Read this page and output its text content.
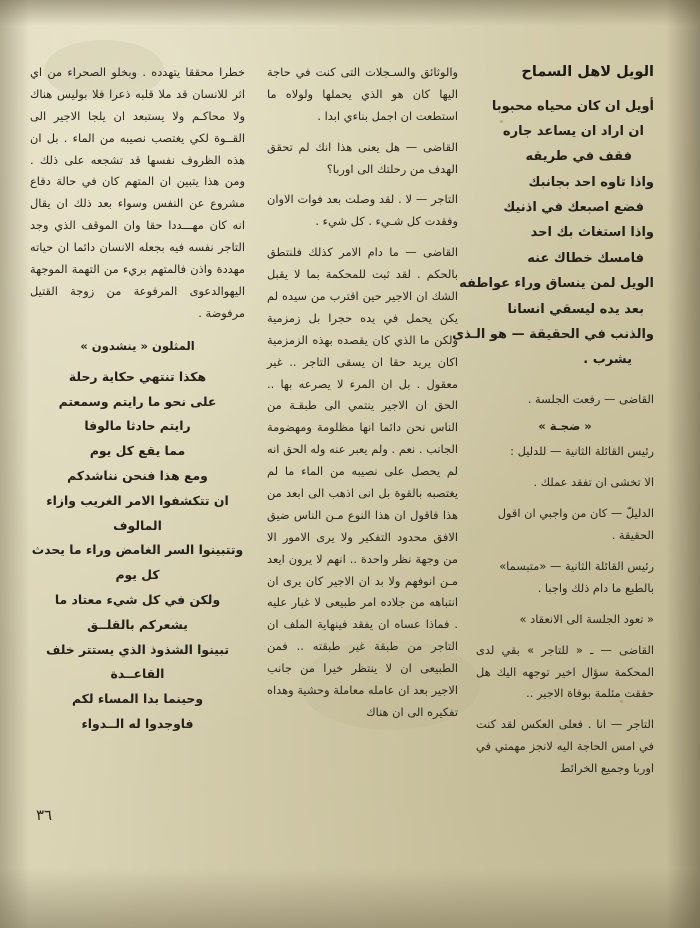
الويل لاهل السماح
أويل ان كان محياه محبوبا
ان اراد ان يساعد جاره
فقف في طريقه
واذا تاوه احد بجانبك
فضع اصبعك في اذنيك
واذا استغاث بك احد
فامسك خطاك عنه
الويل لمن ينساق وراء عواطفه
بعد يده ليسقي انسانا
والذنب في الحقيقة — هو الـذى
يشرب .
القاضى — رفعت الجلسة .
« ضجـة »
رئيس القائلة الثانية — للدليل :
الا تخشى ان تفقد عملك .
الدليلّ — كان من واجبي ان اقول الحقيقة .
رئيس القائلة الثانية — «متبسما» بالطبع ما دام ذلك واجبا .
« تعود الجلسة الى الانعقاد »
القاضى — ـ « للتاجر » بقي لدى المحكمة سؤال اخير توجهه اليك هل حققت مئلمة بوفاة الاجير ..
التاجر — انا . فعلى العكس لقد كنت في امس الحاجة اليه لانجز مهمتي في اوربا وجميع الخرائط
والوثائق والسـجلات التى كنت في حاجة اليها كان هو الذي يحملها ولولاه ما استطعت ان اجمل بناءي ابدا .
القاضى — هل يعنى هذا انك لم تحقق الهدف من رحلتك الى اوربا؟
التاجر — لا . لقد وصلت بعد فوات الاوان وفقدت كل شـيء . كل شيء .
القاضى — ما دام الامر كذلك فلنتطق بالحكم . لقد ثبت للمحكمة بما لا يقبل الشك ان الاجير حين اقترب من سيده لم يكن يحمل في يده حجرا بل زمزمية ولكن ما الذي كان يقصده بهذه الزمزمية اكان يريد حقا ان يسقى التاجر .. غير معقول . بل ان المرء لا يصرعه بها .. الحق ان الاجير ينتمي الى طبقـة من الناس نحن دائما انها مظلومة ومهضومة الجانب . نعم . ولم يعبر عنه وله الحق انه لم يحصل على نصيبه من الماء ما لم يغتصبه بالقوة بل انى اذهب الى ابعد من هذا فاقول ان هذا النوع مـن الناس ضيق الافق محدود التفكير ولا يرى الامور الا من وجهة نظر واحدة .. انهم لا يرون ايعد مـن انوفهم ولا بد ان الاجير كان يرى ان انتباهه من جلاده امر طبيعى لا غبار عليه . فماذا عساه ان يفقد فينهاية الملف ان التاجر من طبقة غير طبقته .. فمن الطبيعى ان لا ينتظر خيرا من جانب الاجير بعد ان عامله معاملة وحشية وهداه تفكيره الى ان هناك
خطرا محققا يتهدده . وبخلو الصحراء من اي اثر للانسان قد ملا قلبه ذعرا فلا بوليس هناك ولا محاكـم ولا يستبعد ان يلجا الاجير الى القــوة لكي يغتصب نصيبه من الماء . بل ان هذه الظروف نفسها قد تشجعه على ذلك . ومن هذا يتبين ان المتهم كان في حالة دفاع مشروع عن النفس وسواء بعد ذلك ان يقال انه كان مهـــددا حقا وان الموقف الذي وجد التاجر نفسه فيه بجعله الانسان دائما ان حياته مهددة واذن فالمتهم بريء من التهمة الموجهة اليهوالدعوى المرفوعة من زوجة القتيل مرفوضة .
المثلون « ينشدون »
هكذا تنتهي حكاية رحلة
على نحو ما رايتم وسمعتم
رايتم حادثا مالوفا
مما يقع كل يوم
ومع هذا فنحن نناشدكم
ان تتكشفوا الامر الغريب وازاء المالوف
وتتبينوا السر الغامض وراء ما يحدث كل يوم
ولكن في كل شيء معتاد ما يشعركم بالقلــق
تبينوا الشذوذ الذي يستتر خلف القاعــدة
وحينما بدا المساء لكم
فاوجدوا له الــدواء
٣٦
